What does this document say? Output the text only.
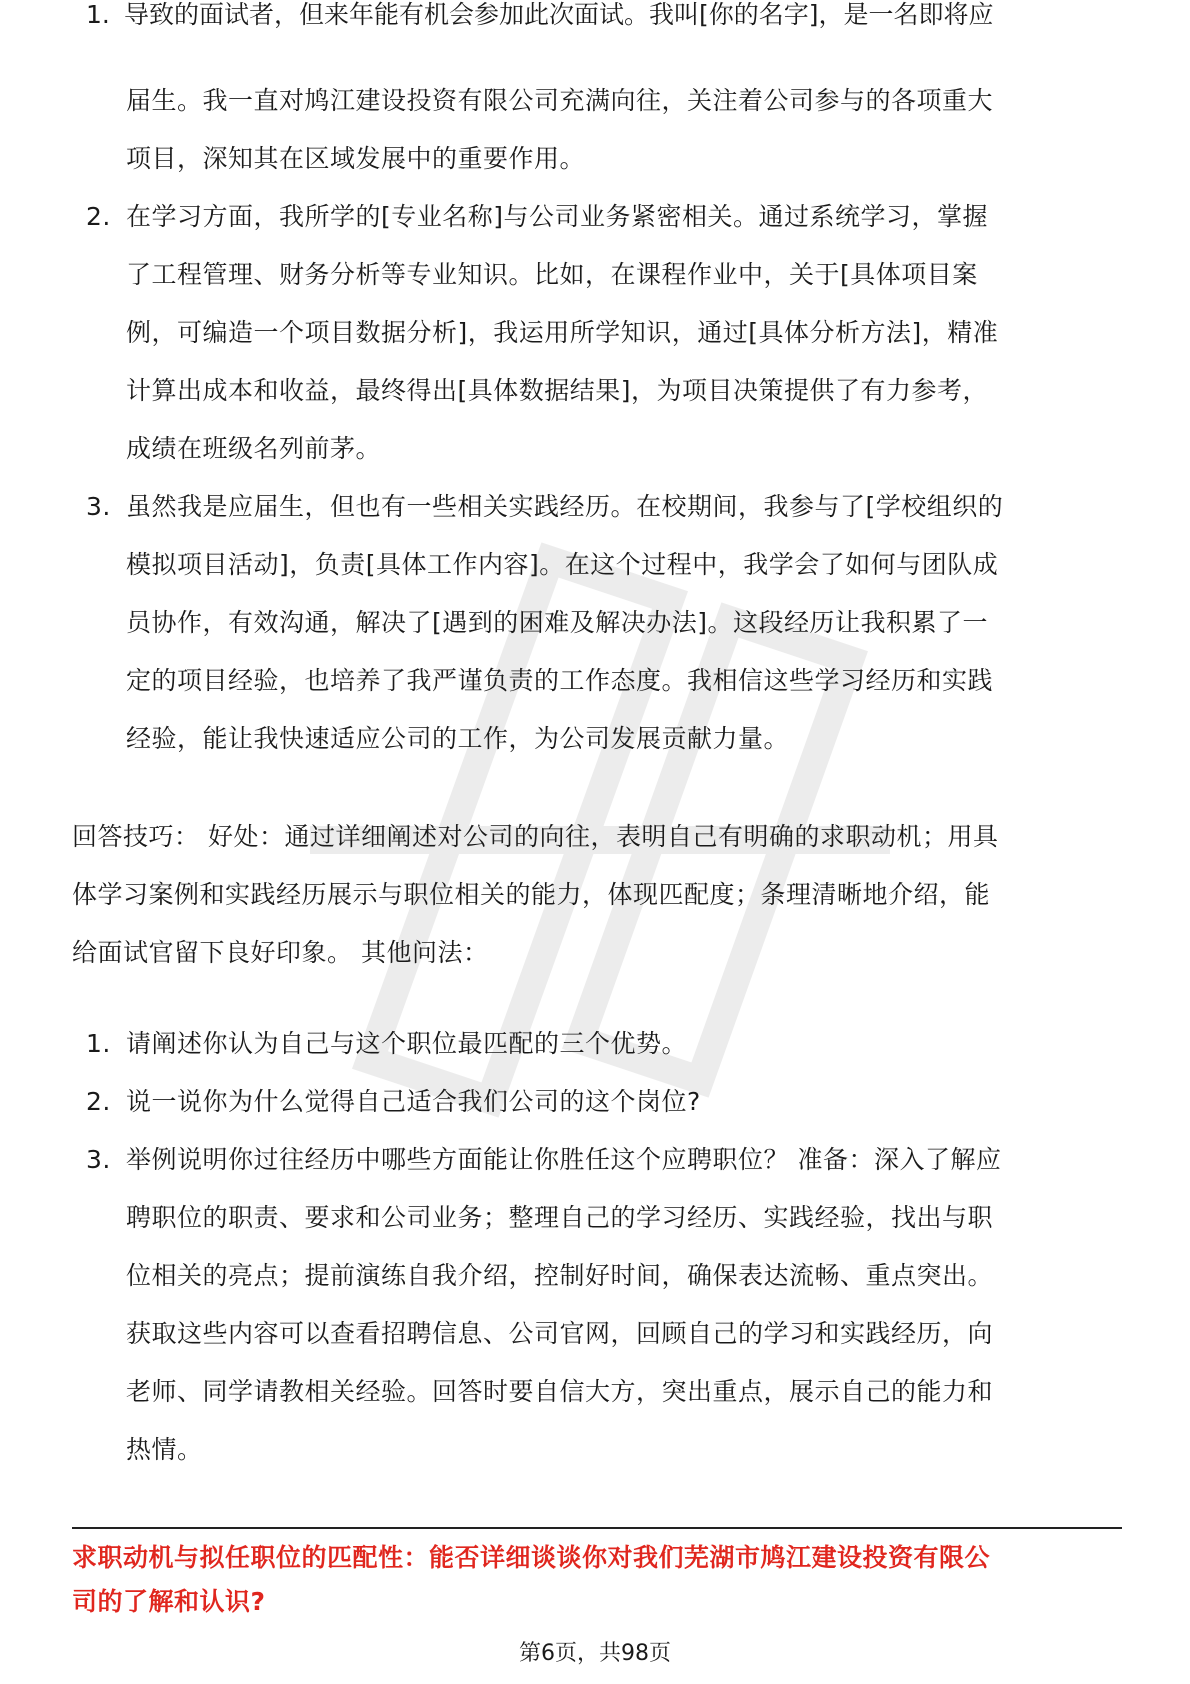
1. 导致的面试者，但来年能有机会参加此次面试。我叫[你的名字]，是一名即将应
届生。我一直对鸠江建设投资有限公司充满向往，关注着公司参与的各项重大
项目，深知其在区域发展中的重要作用。
2. 在学习方面，我所学的[专业名称]与公司业务紧密相关。通过系统学习，掌握
了工程管理、财务分析等专业知识。比如，在课程作业中，关于[具体项目案
例，可编造一个项目数据分析]，我运用所学知识，通过[具体分析方法]，精准
计算出成本和收益，最终得出[具体数据结果]，为项目决策提供了有力参考，
成绩在班级名列前茅。
3. 虽然我是应届生，但也有一些相关实践经历。在校期间，我参与了[学校组织的
模拟项目活动]，负责[具体工作内容]。在这个过程中，我学会了如何与团队成
员协作，有效沟通，解决了[遇到的困难及解决办法]。这段经历让我积累了一
定的项目经验，也培养了我严谨负责的工作态度。我相信这些学习经历和实践
经验，能让我快速适应公司的工作，为公司发展贡献力量。
回答技巧： 好处：通过详细阐述对公司的向往，表明自己有明确的求职动机；用具
体学习案例和实践经历展示与职位相关的能力，体现匹配度；条理清晰地介绍，能
给面试官留下良好印象。 其他问法：
1. 请阐述你认为自己与这个职位最匹配的三个优势。
2. 说一说你为什么觉得自己适合我们公司的这个岗位?
3. 举例说明你过往经历中哪些方面能让你胜任这个应聘职位？ 准备：深入了解应
聘职位的职责、要求和公司业务；整理自己的学习经历、实践经验，找出与职
位相关的亮点；提前演练自我介绍，控制好时间，确保表达流畅、重点突出。
获取这些内容可以查看招聘信息、公司官网，回顾自己的学习和实践经历，向
老师、同学请教相关经验。回答时要自信大方，突出重点，展示自己的能力和
热情。
求职动机与拟任职位的匹配性：能否详细谈谈你对我们芜湖市鸠江建设投资有限公
司的了解和认识?
第6页，共98页
